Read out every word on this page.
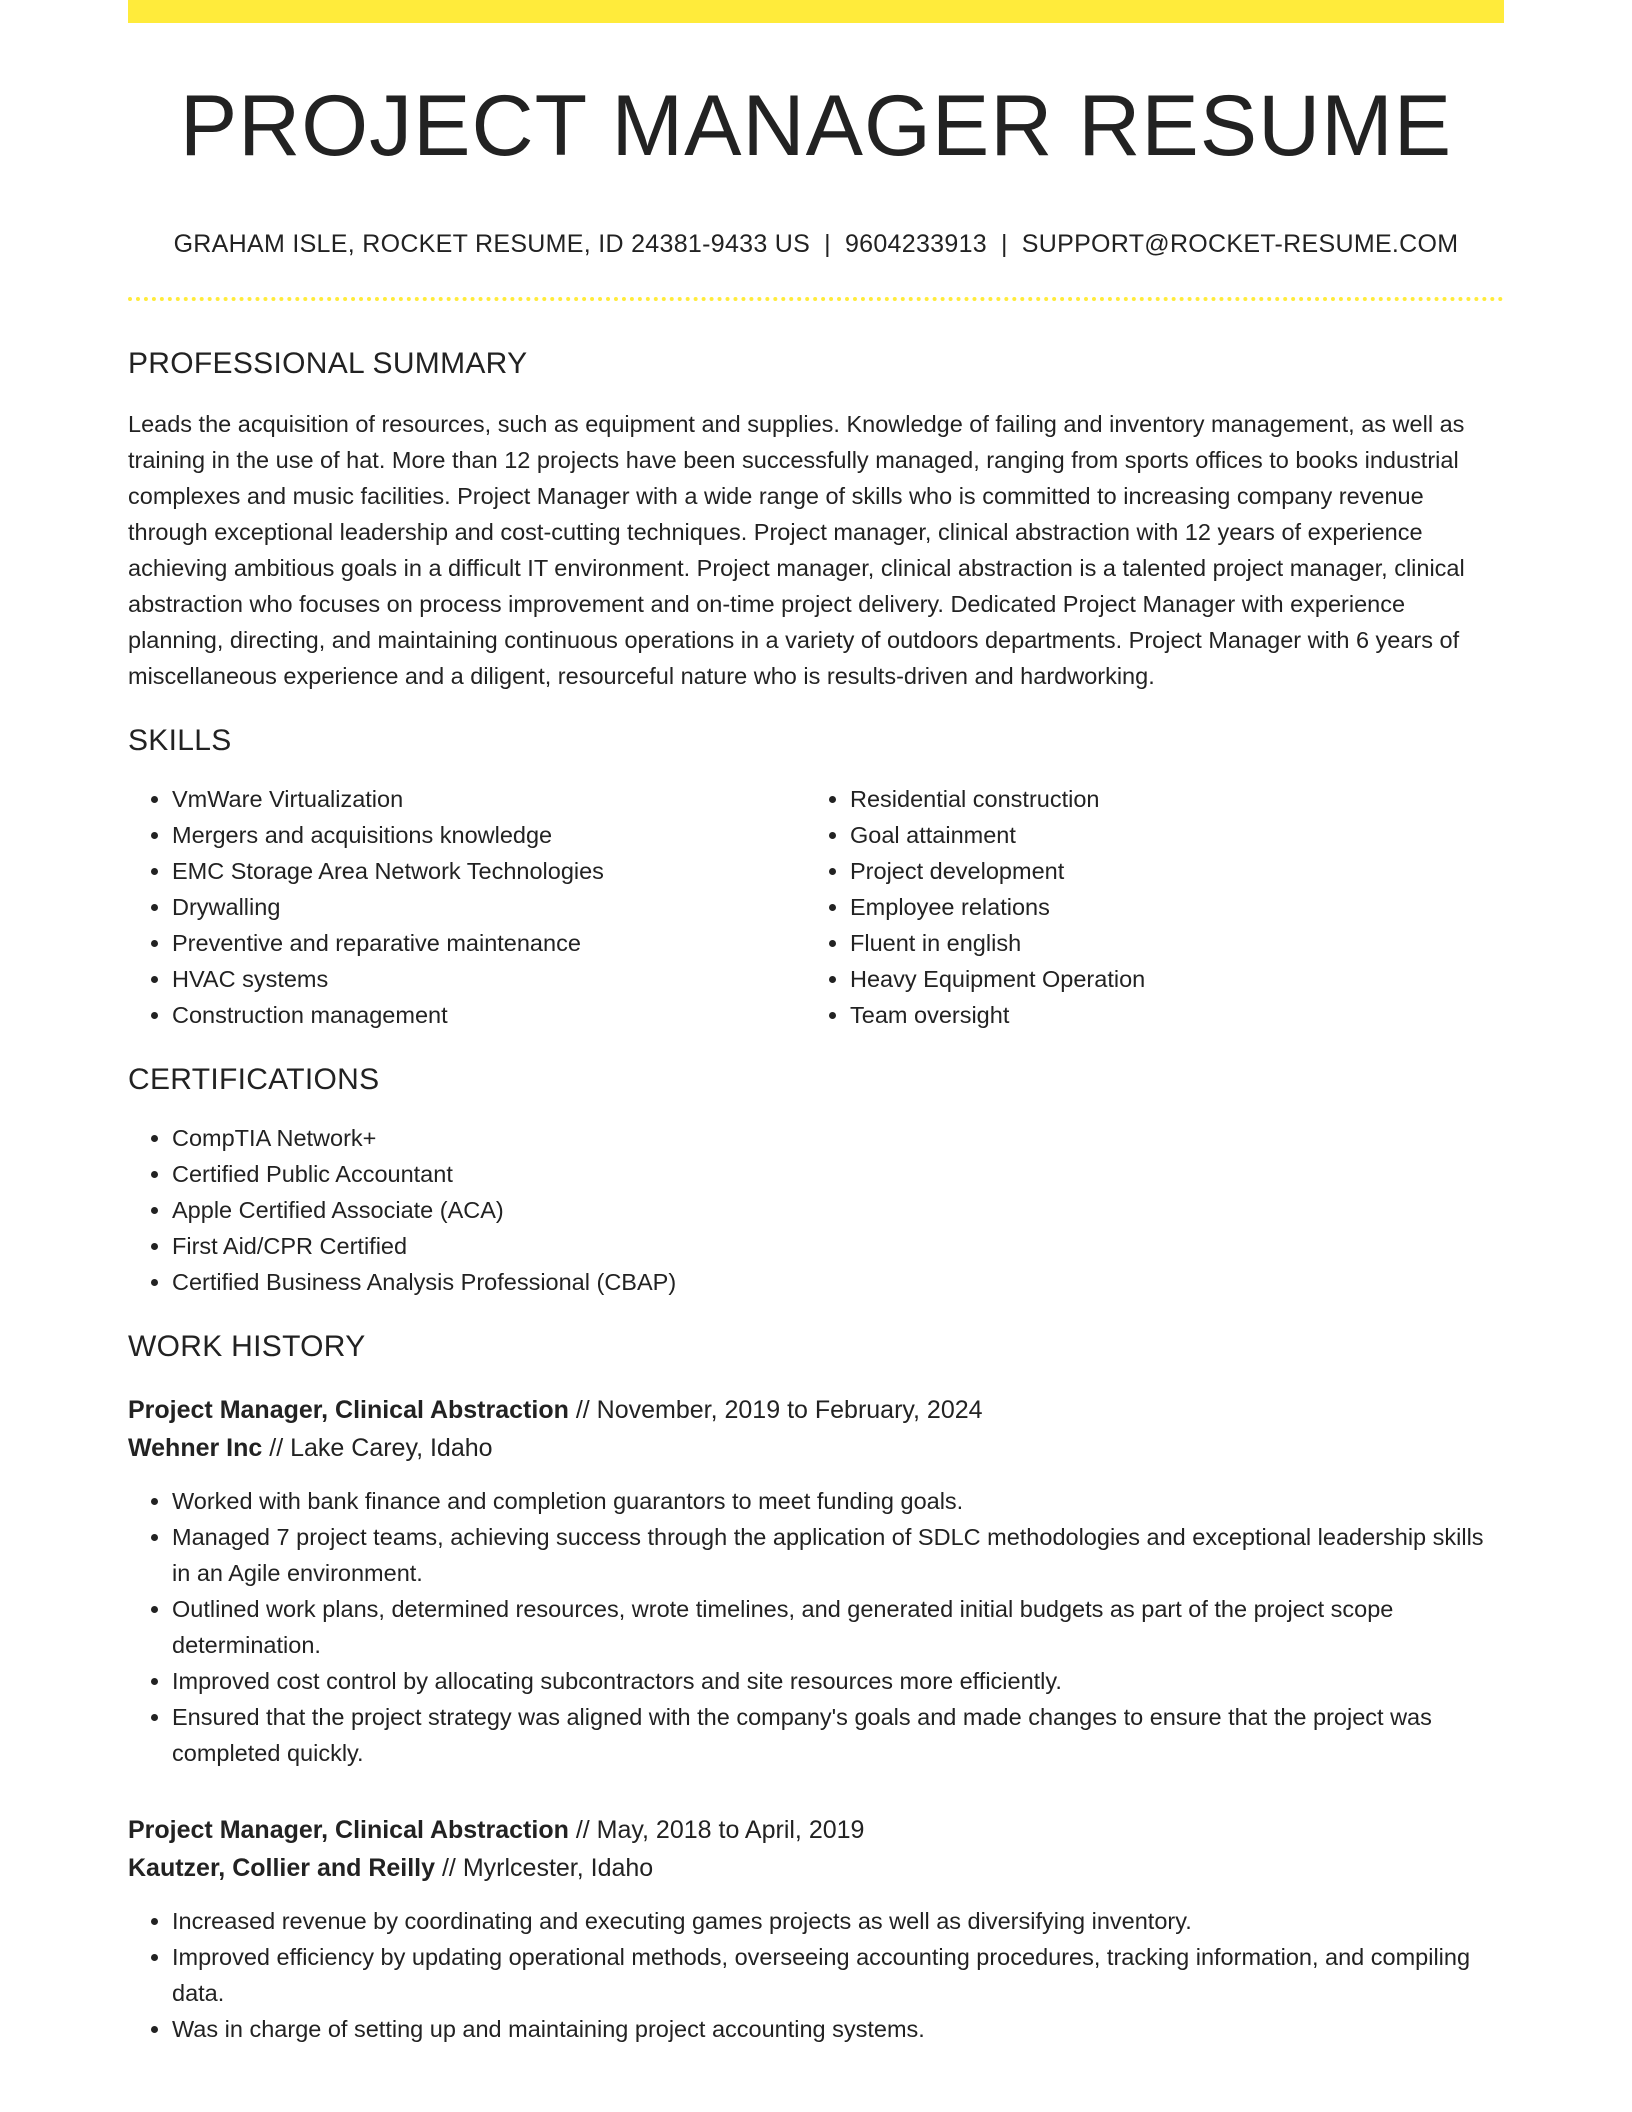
PROJECT MANAGER RESUME
GRAHAM ISLE, ROCKET RESUME, ID 24381-9433 US | 9604233913 | SUPPORT@ROCKET-RESUME.COM
PROFESSIONAL SUMMARY

Leads the acquisition of resources, such as equipment and supplies. Knowledge of failing and inventory management, as well as training in the use of hat. More than 12 projects have been successfully managed, ranging from sports offices to books industrial complexes and music facilities. Project Manager with a wide range of skills who is committed to increasing company revenue through exceptional leadership and cost-cutting techniques. Project manager, clinical abstraction with 12 years of experience achieving ambitious goals in a difficult IT environment. Project manager, clinical abstraction is a talented project manager, clinical abstraction who focuses on process improvement and on-time project delivery. Dedicated Project Manager with experience planning, directing, and maintaining continuous operations in a variety of outdoors departments. Project Manager with 6 years of miscellaneous experience and a diligent, resourceful nature who is results-driven and hardworking.

SKILLS
• VmWare Virtualization
• Mergers and acquisitions knowledge
• EMC Storage Area Network Technologies
• Drywalling
• Preventive and reparative maintenance
• HVAC systems
• Construction management
• Residential construction
• Goal attainment
• Project development
• Employee relations
• Fluent in english
• Heavy Equipment Operation
• Team oversight
CERTIFICATIONS
• CompTIA Network+
• Certified Public Accountant
• Apple Certified Associate (ACA)
• First Aid/CPR Certified
• Certified Business Analysis Professional (CBAP)
WORK HISTORY
Project Manager, Clinical Abstraction // November, 2019 to February, 2024
Wehner Inc // Lake Carey, Idaho
• Worked with bank finance and completion guarantors to meet funding goals.
• Managed 7 project teams, achieving success through the application of SDLC methodologies and exceptional leadership skills in an Agile environment.
• Outlined work plans, determined resources, wrote timelines, and generated initial budgets as part of the project scope determination.
• Improved cost control by allocating subcontractors and site resources more efficiently.
• Ensured that the project strategy was aligned with the company's goals and made changes to ensure that the project was completed quickly.
Project Manager, Clinical Abstraction // May, 2018 to April, 2019
Kautzer, Collier and Reilly // Myrlcester, Idaho
• Increased revenue by coordinating and executing games projects as well as diversifying inventory.
• Improved efficiency by updating operational methods, overseeing accounting procedures, tracking information, and compiling data.
• Was in charge of setting up and maintaining project accounting systems.
